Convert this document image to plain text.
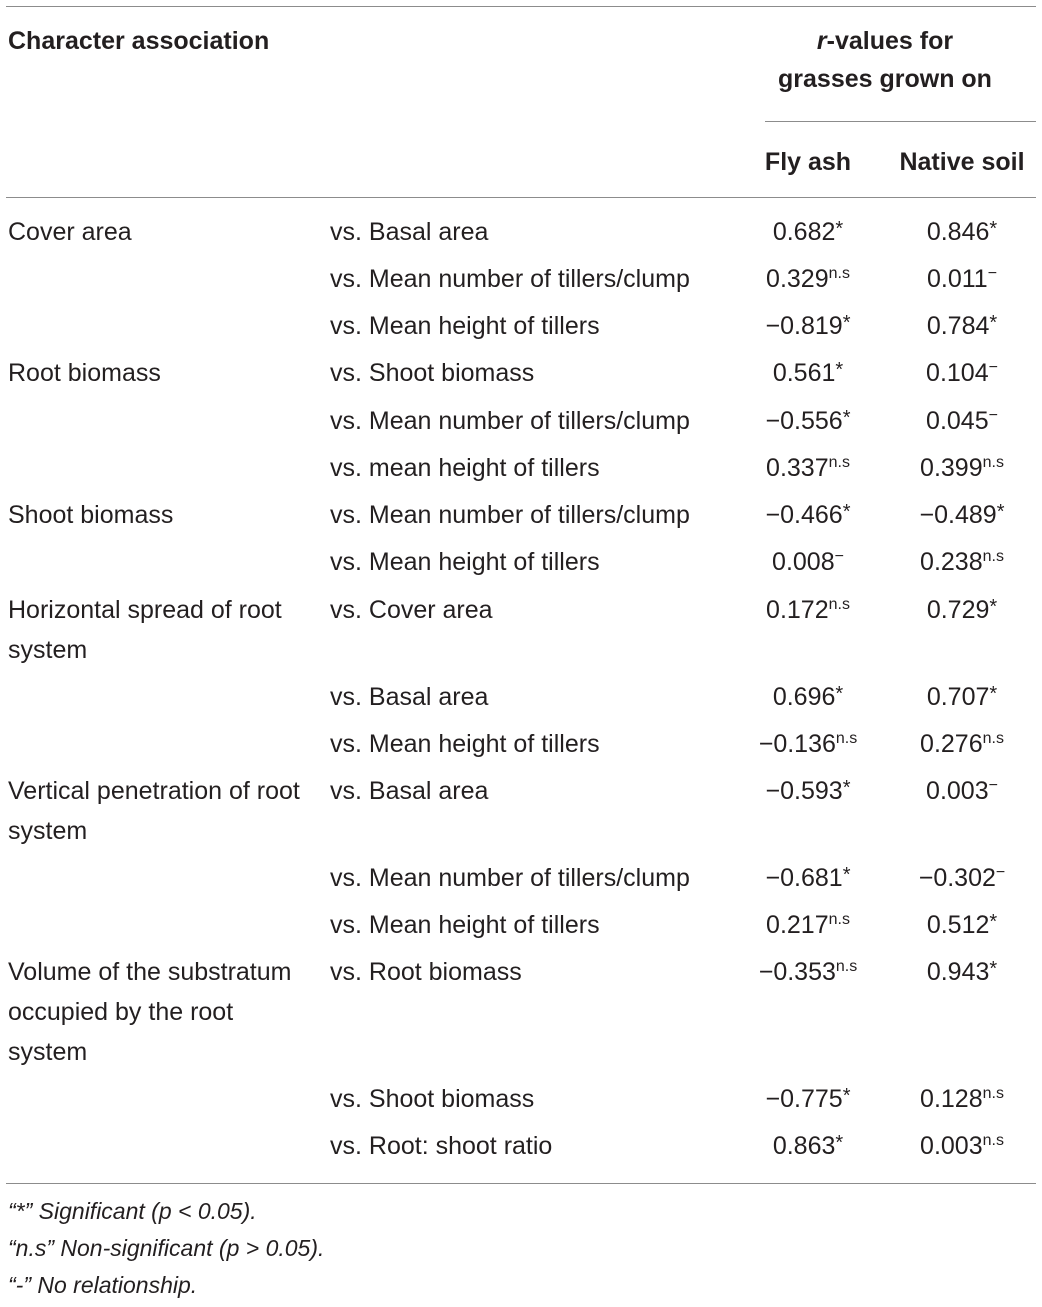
Character association	r-values for
grasses grown on
Fly ash	Native soil
Cover area	vs. Basal area	0.682*	0.846*
vs. Mean number of tillers/clump	$0.329^{n.s}$	0.011−
vs. Mean height of tillers	−0.819*	0.784*
Root biomass	vs. Shoot biomass	0.561*	0.104−
vs. Mean number of tillers/clump	−0.556*	0.045−
vs. mean height of tillers	$0.337^{n.s}$	$0.399^{n.s}$
Shoot biomass	vs. Mean number of tillers/clump	−0.466*	−0.489*
vs. Mean height of tillers	0.008−	$0.238^{n.s}$
Horizontal spread of root system
vs. Cover area	$0.172^{n.s}$	0.729*
vs. Basal area	0.696*	0.707*
vs. Mean height of tillers	$-0.136^{n.s}$	$0.276^{n.s}$
Vertical penetration of root system
vs. Basal area	−0.593*	0.003−
vs. Mean number of tillers/clump	−0.681*	−0.302−
vs. Mean height of tillers	$0.217^{n.s}$	0.512*
Volume of the substratum occupied by the root system
vs. Root biomass	$-0.353^{n.s}$	0.943*
vs. Shoot biomass	−0.775*	$0.128^{n.s}$
vs. Root: shoot ratio	0.863*	$0.003^{n.s}$
“*” Significant (p < 0.05).
“n.s” Non-significant (p > 0.05).
“-” No relationship.
